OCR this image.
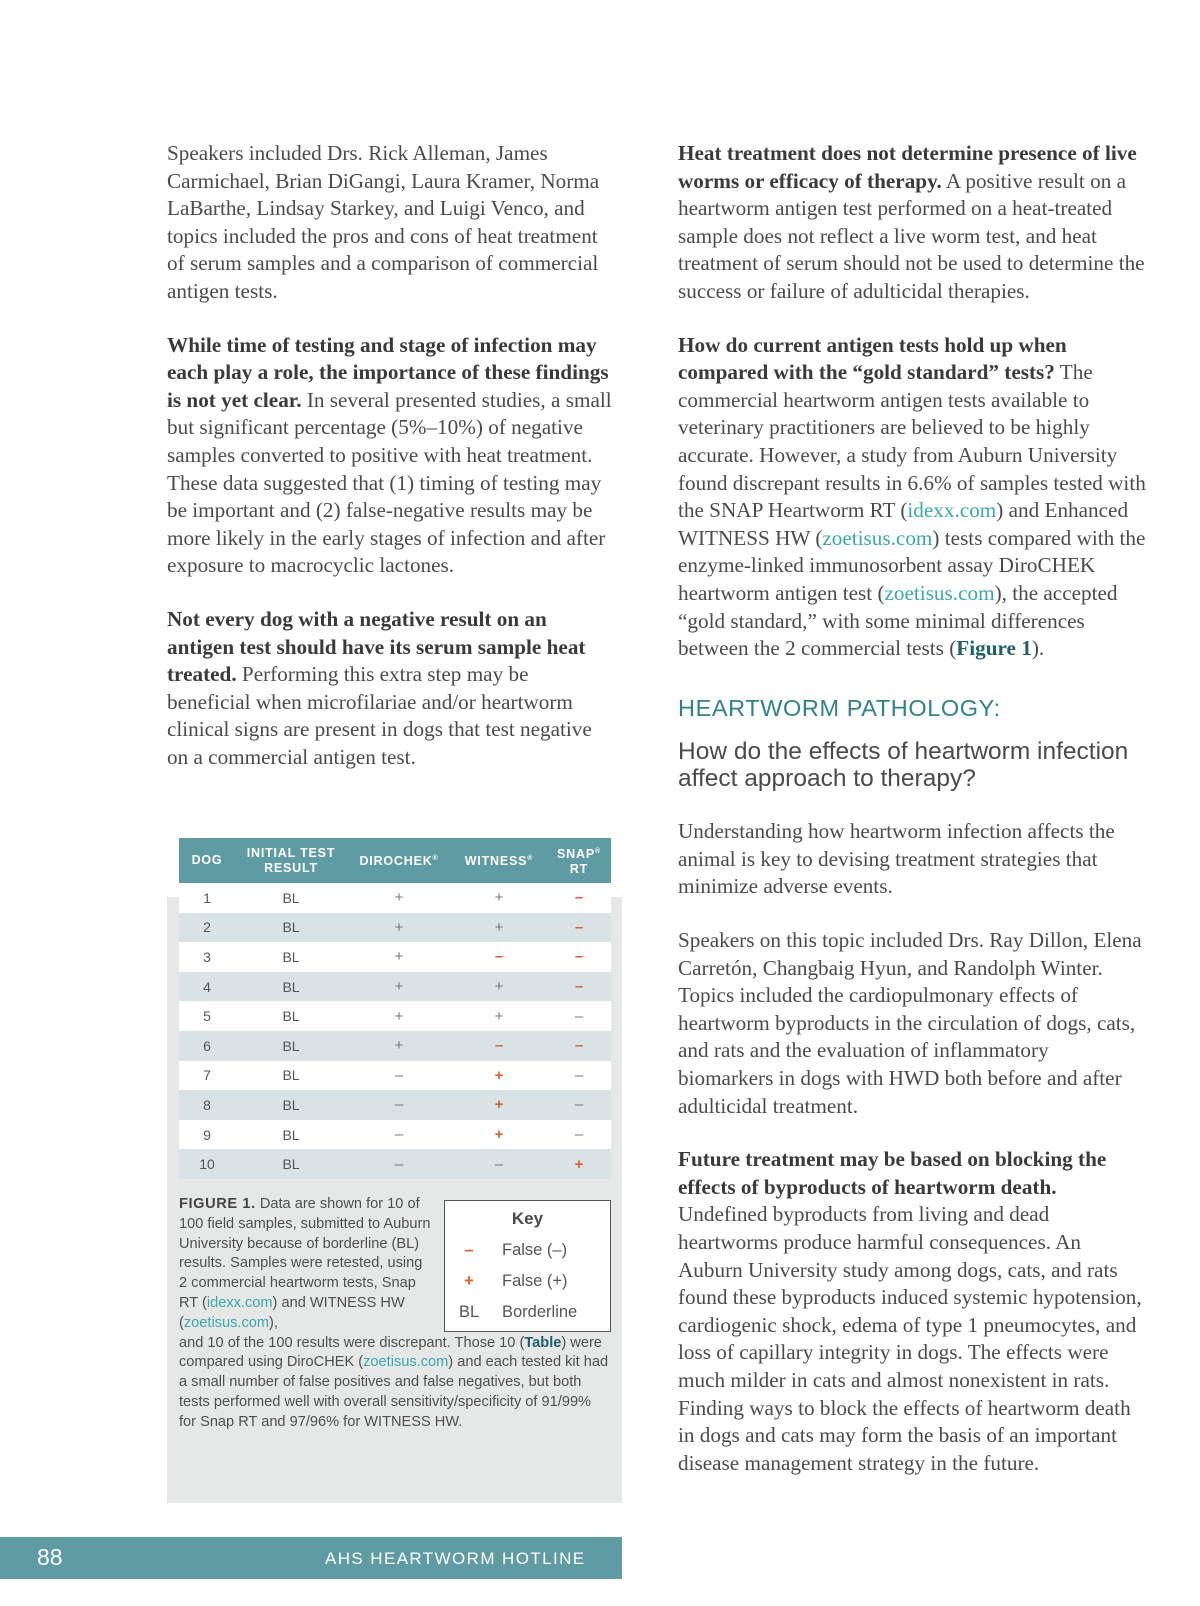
Speakers included Drs. Rick Alleman, James Carmichael, Brian DiGangi, Laura Kramer, Norma LaBarthe, Lindsay Starkey, and Luigi Venco, and topics included the pros and cons of heat treatment of serum samples and a comparison of commercial antigen tests.

While time of testing and stage of infection may each play a role, the importance of these findings is not yet clear. In several presented studies, a small but significant percentage (5%–10%) of negative samples converted to positive with heat treatment. These data suggested that (1) timing of testing may be important and (2) false-negative results may be more likely in the early stages of infection and after exposure to macrocyclic lactones.

Not every dog with a negative result on an antigen test should have its serum sample heat treated. Performing this extra step may be beneficial when microfilariae and/or heartworm clinical signs are present in dogs that test negative on a commercial antigen test.

Heat treatment does not determine presence of live worms or efficacy of therapy. A positive result on a heartworm antigen test performed on a heat-treated sample does not reflect a live worm test, and heat treatment of serum should not be used to determine the success or failure of adulticidal therapies.

How do current antigen tests hold up when compared with the “gold standard” tests? The commercial heartworm antigen tests available to veterinary practitioners are believed to be highly accurate. However, a study from Auburn University found discrepant results in 6.6% of samples tested with the SNAP Heartworm RT (idexx.com) and Enhanced WITNESS HW (zoetisus.com) tests compared with the enzyme-linked immunosorbent assay DiroCHEK heartworm antigen test (zoetisus.com), the accepted “gold standard,” with some minimal differences between the 2 commercial tests (Figure 1).

HEARTWORM PATHOLOGY:
How do the effects of heartworm infection affect approach to therapy?

Understanding how heartworm infection affects the animal is key to devising treatment strategies that minimize adverse events.

Speakers on this topic included Drs. Ray Dillon, Elena Carretón, Changbaig Hyun, and Randolph Winter. Topics included the cardiopulmonary effects of heartworm byproducts in the circulation of dogs, cats, and rats and the evaluation of inflammatory biomarkers in dogs with HWD both before and after adulticidal treatment.

Future treatment may be based on blocking the effects of byproducts of heartworm death. Undefined byproducts from living and dead heartworms produce harmful consequences. An Auburn University study among dogs, cats, and rats found these byproducts induced systemic hypotension, cardiogenic shock, edema of type 1 pneumocytes, and loss of capillary integrity in dogs. The effects were much milder in cats and almost nonexistent in rats. Finding ways to block the effects of heartworm death in dogs and cats may form the basis of an important disease management strategy in the future.

DOG	INITIAL TEST
RESULT	DIROCHEK®	WITNESS®	SNAP®
RT
1	BL	+	+	–
2	BL	+	+	–
3	BL	+	–	–
4	BL	+	+	–
5	BL	+	+	–
6	BL	+	–	–
7	BL	–	+	–
8	BL	–	+	–
9	BL	–	+	–
10	BL	–	–	+
Key
–	False (–)
+	False (+)
BL Borderline
FIGURE 1. Data are shown for 10 of 100 field samples, submitted to Auburn University because of borderline (BL) results. Samples were retested, using 2 commercial heartworm tests, Snap RT (idexx.com) and WITNESS HW (zoetisus.com),
and 10 of the 100 results were discrepant. Those 10 (Table) were compared using DiroCHEK (zoetisus.com) and each tested kit had a small number of false positives and false negatives, but both tests performed well with overall sensitivity/specificity of 91/99% for Snap RT and 97/96% for WITNESS HW.
88	AHS HEARTWORM HOTLINE
